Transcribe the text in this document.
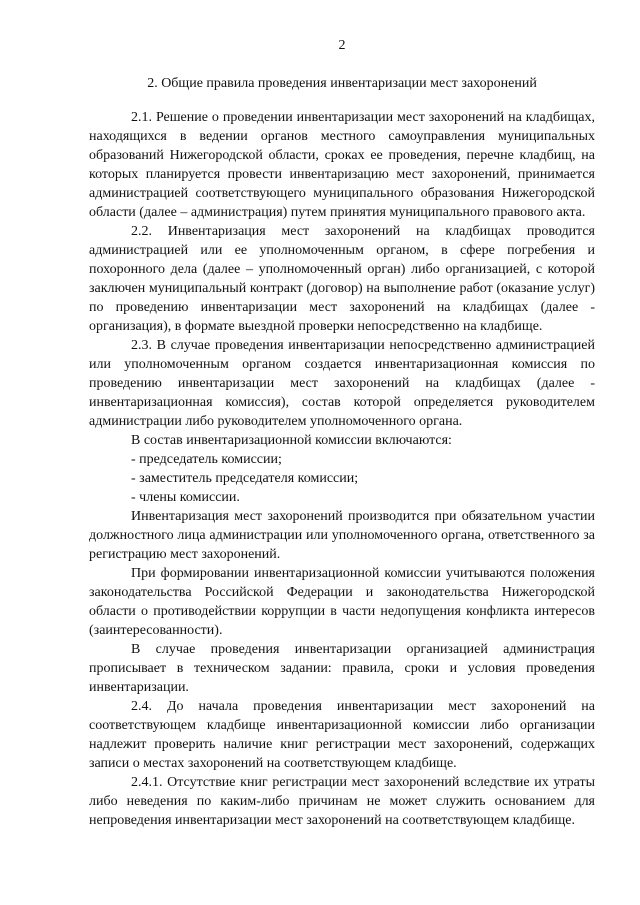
2
2. Общие правила проведения инвентаризации мест захоронений

2.1. Решение о проведении инвентаризации мест захоронений на кладбищах, находящихся в ведении органов местного самоуправления муниципальных образований Нижегородской области, сроках ее проведения, перечне кладбищ, на которых планируется провести инвентаризацию мест захоронений, принимается администрацией соответствующего муниципального образования Нижегородской области (далее – администрация) путем принятия муниципального правового акта.

2.2. Инвентаризация мест захоронений на кладбищах проводится администрацией или ее уполномоченным органом, в сфере погребения и похоронного дела (далее – уполномоченный орган) либо организацией, с которой заключен муниципальный контракт (договор) на выполнение работ (оказание услуг) по проведению инвентаризации мест захоронений на кладбищах (далее - организация), в формате выездной проверки непосредственно на кладбище.

2.3. В случае проведения инвентаризации непосредственно администрацией или уполномоченным органом создается инвентаризационная комиссия по проведению инвентаризации мест захоронений на кладбищах (далее - инвентаризационная комиссия), состав которой определяется руководителем администрации либо руководителем уполномоченного органа.

В состав инвентаризационной комиссии включаются:

- председатель комиссии;

- заместитель председателя комиссии;

- члены комиссии.

Инвентаризация мест захоронений производится при обязательном участии должностного лица администрации или уполномоченного органа, ответственного за регистрацию мест захоронений.

При формировании инвентаризационной комиссии учитываются положения законодательства Российской Федерации и законодательства Нижегородской области о противодействии коррупции в части недопущения конфликта интересов (заинтересованности).

В случае проведения инвентаризации организацией администрация прописывает в техническом задании: правила, сроки и условия проведения инвентаризации.

2.4. До начала проведения инвентаризации мест захоронений на соответствующем кладбище инвентаризационной комиссии либо организации надлежит проверить наличие книг регистрации мест захоронений, содержащих записи о местах захоронений на соответствующем кладбище.

2.4.1. Отсутствие книг регистрации мест захоронений вследствие их утраты либо неведения по каким-либо причинам не может служить основанием для непроведения инвентаризации мест захоронений на соответствующем кладбище.
